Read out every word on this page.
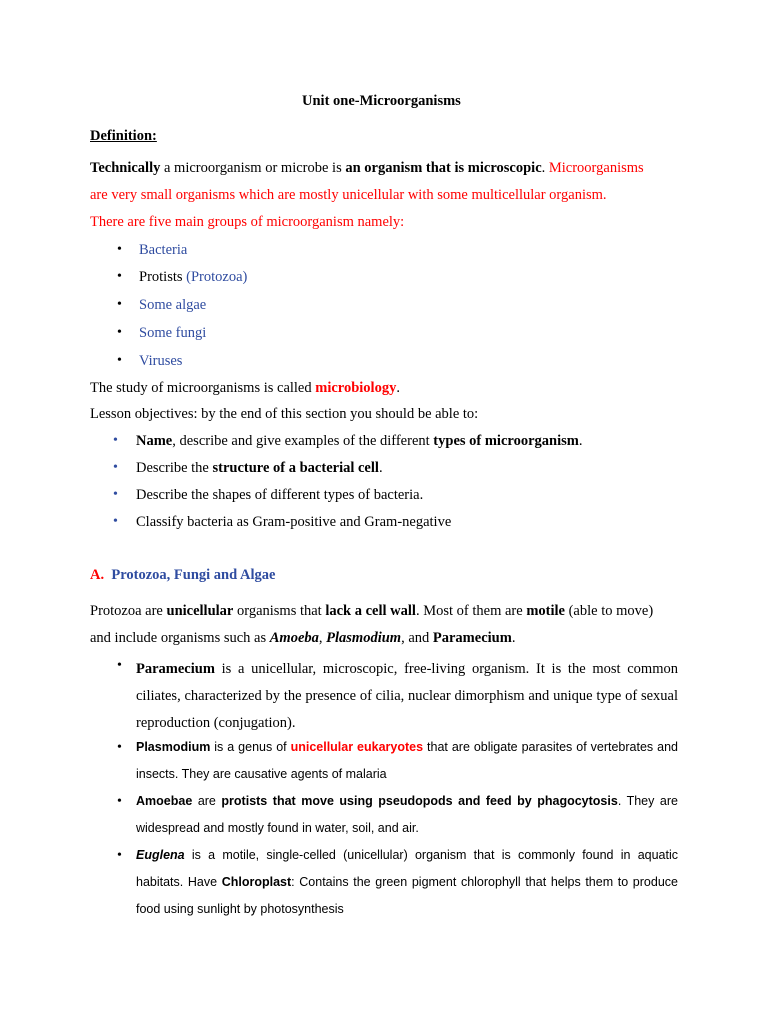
Unit one-Microorganisms
Definition:
Technically a microorganism or microbe is an organism that is microscopic. Microorganisms
are very small organisms which are mostly unicellular with some multicellular organism.
There are five main groups of microorganism namely:
• Bacteria
• Protists (Protozoa)
• Some algae
• Some fungi
• Viruses
The study of microorganisms is called microbiology.
Lesson objectives: by the end of this section you should be able to:
• Name, describe and give examples of the different types of microorganism.
• Describe the structure of a bacterial cell.
• Describe the shapes of different types of bacteria.
• Classify bacteria as Gram-positive and Gram-negative
A. Protozoa, Fungi and Algae
Protozoa are unicellular organisms that lack a cell wall. Most of them are motile (able to move)
and include organisms such as Amoeba, Plasmodium, and Paramecium.
• Paramecium is a unicellular, microscopic, free-living organism. It is the most common ciliates, characterized by the presence of cilia, nuclear dimorphism and unique type of sexual reproduction (conjugation).
• Plasmodium is a genus of unicellular eukaryotes that are obligate parasites of vertebrates and insects. They are causative agents of malaria
• Amoebae are protists that move using pseudopods and feed by phagocytosis. They are widespread and mostly found in water, soil, and air.
• Euglena is a motile, single-celled (unicellular) organism that is commonly found in aquatic habitats. Have Chloroplast: Contains the green pigment chlorophyll that helps them to produce food using sunlight by photosynthesis
